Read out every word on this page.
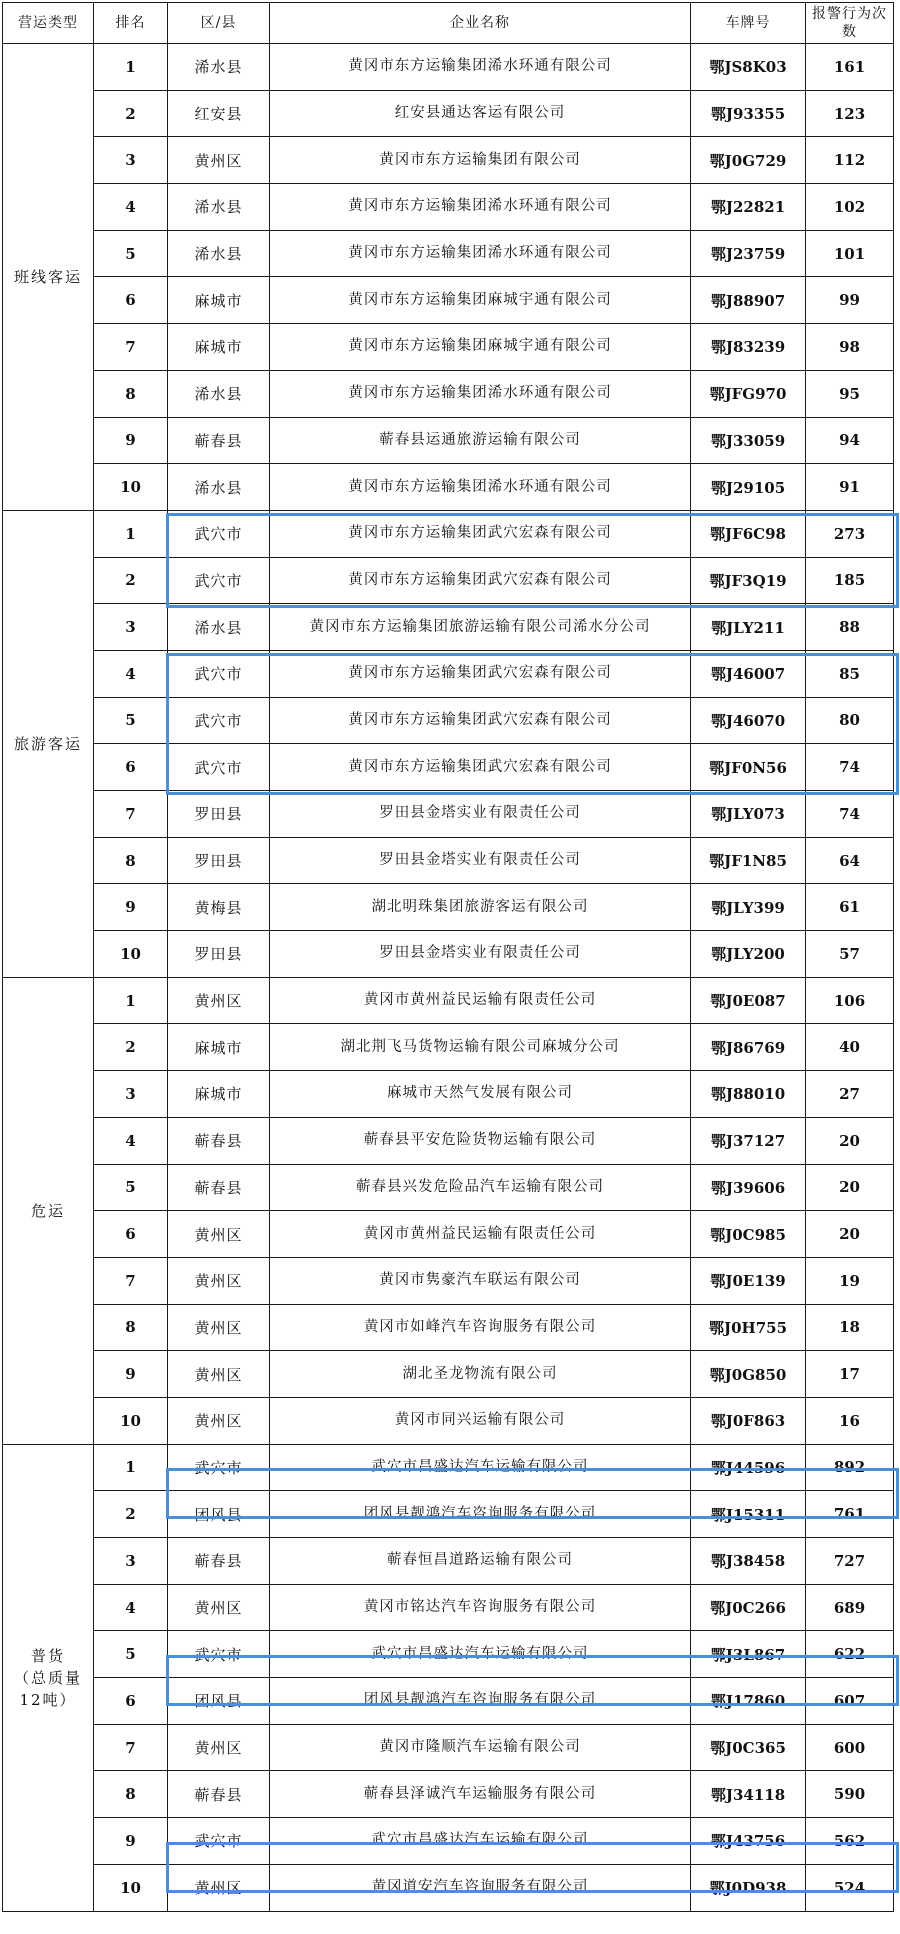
营运类型	排名	区/县	企业名称	车牌号	报警行为次数
班线客运	1	浠水县	黄冈市东方运输集团浠水环通有限公司	鄂JS8K03	161
	2	红安县	红安县通达客运有限公司	鄂J93355	123
	3	黄州区	黄冈市东方运输集团有限公司	鄂J0G729	112
	4	浠水县	黄冈市东方运输集团浠水环通有限公司	鄂J22821	102
	5	浠水县	黄冈市东方运输集团浠水环通有限公司	鄂J23759	101
	6	麻城市	黄冈市东方运输集团麻城宇通有限公司	鄂J88907	99
	7	麻城市	黄冈市东方运输集团麻城宇通有限公司	鄂J83239	98
	8	浠水县	黄冈市东方运输集团浠水环通有限公司	鄂JFG970	95
	9	蕲春县	蕲春县运通旅游运输有限公司	鄂J33059	94
	10	浠水县	黄冈市东方运输集团浠水环通有限公司	鄂J29105	91
旅游客运	1	武穴市	黄冈市东方运输集团武穴宏森有限公司	鄂JF6C98	273
	2	武穴市	黄冈市东方运输集团武穴宏森有限公司	鄂JF3Q19	185
	3	浠水县	黄冈市东方运输集团旅游运输有限公司浠水分公司	鄂JLY211	88
	4	武穴市	黄冈市东方运输集团武穴宏森有限公司	鄂J46007	85
	5	武穴市	黄冈市东方运输集团武穴宏森有限公司	鄂J46070	80
	6	武穴市	黄冈市东方运输集团武穴宏森有限公司	鄂JF0N56	74
	7	罗田县	罗田县金塔实业有限责任公司	鄂JLY073	74
	8	罗田县	罗田县金塔实业有限责任公司	鄂JF1N85	64
	9	黄梅县	湖北明珠集团旅游客运有限公司	鄂JLY399	61
	10	罗田县	罗田县金塔实业有限责任公司	鄂JLY200	57
危运	1	黄州区	黄冈市黄州益民运输有限责任公司	鄂J0E087	106
	2	麻城市	湖北荆飞马货物运输有限公司麻城分公司	鄂J86769	40
	3	麻城市	麻城市天然气发展有限公司	鄂J88010	27
	4	蕲春县	蕲春县平安危险货物运输有限公司	鄂J37127	20
	5	蕲春县	蕲春县兴发危险品汽车运输有限公司	鄂J39606	20
	6	黄州区	黄冈市黄州益民运输有限责任公司	鄂J0C985	20
	7	黄州区	黄冈市隽豪汽车联运有限公司	鄂J0E139	19
	8	黄州区	黄冈市如峰汽车咨询服务有限公司	鄂J0H755	18
	9	黄州区	湖北圣龙物流有限公司	鄂J0G850	17
	10	黄州区	黄冈市同兴运输有限公司	鄂J0F863	16
普货
（总质量
12吨）	1	武穴市	武穴市昌盛达汽车运输有限公司	鄂J44596	892
	2	团风县	团风县靓鸿汽车咨询服务有限公司	鄂J15311	761
	3	蕲春县	蕲春恒昌道路运输有限公司	鄂J38458	727
	4	黄州区	黄冈市铭达汽车咨询服务有限公司	鄂J0C266	689
	5	武穴市	武穴市昌盛达汽车运输有限公司	鄂J3L867	622
	6	团风县	团风县靓鸿汽车咨询服务有限公司	鄂J17860	607
	7	黄州区	黄冈市隆顺汽车运输有限公司	鄂J0C365	600
	8	蕲春县	蕲春县泽诚汽车运输服务有限公司	鄂J34118	590
	9	武穴市	武穴市昌盛达汽车运输有限公司	鄂J43756	562
	10	黄州区	黄冈道安汽车咨询服务有限公司	鄂J0D938	524
